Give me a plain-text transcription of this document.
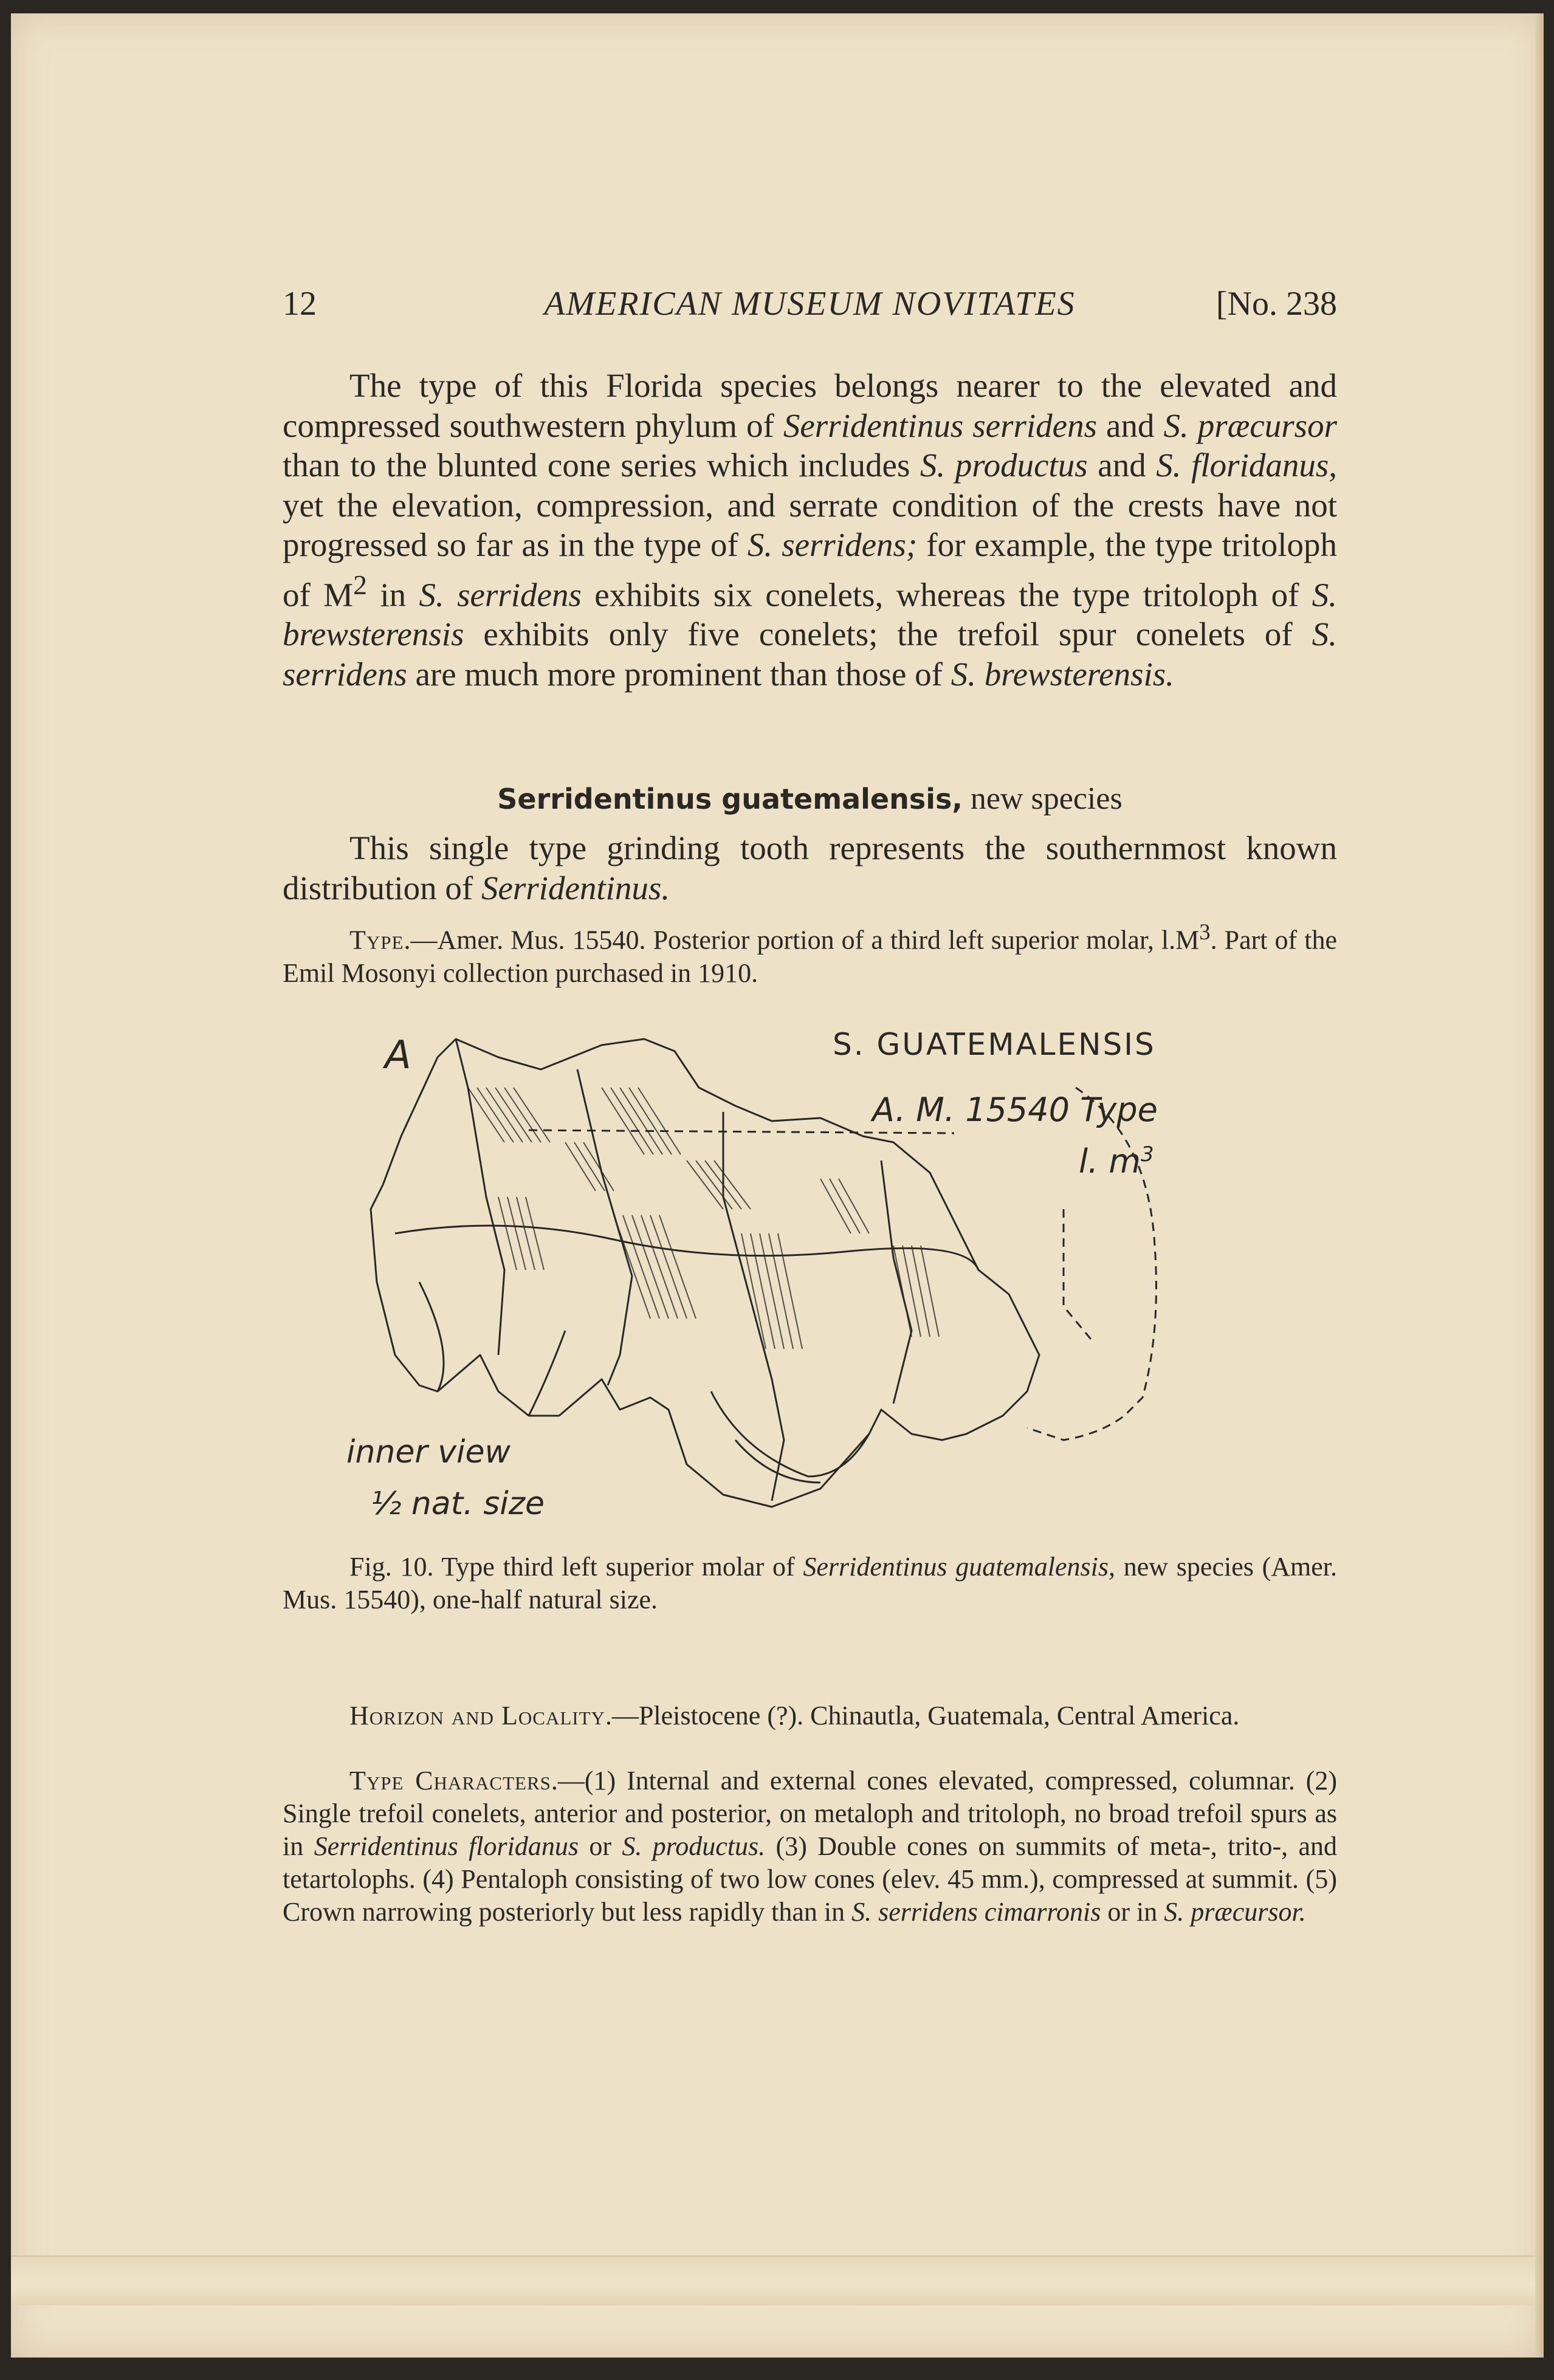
12	AMERICAN MUSEUM NOVITATES	[No. 238

The type of this Florida species belongs nearer to the elevated and compressed southwestern phylum of Serridentinus serridens and S. præcursor than to the blunted cone series which includes S. productus and S. floridanus, yet the elevation, compression, and serrate condition of the crests have not progressed so far as in the type of S. serridens; for example, the type tritoloph of $M^2$ in S. serridens exhibits six conelets, whereas the type tritoloph of S. brewsterensis exhibits only five conelets; the trefoil spur conelets of S. serridens are much more prominent than those of S. brewsterensis.

Serridentinus guatemalensis, new species

This single type grinding tooth represents the southernmost known distribution of Serridentinus.

Type.—Amer. Mus. 15540. Posterior portion of a third left superior molar, $l.M^3$. Part of the Emil Mosonyi collection purchased in 1910.

A	S. GUATEMALENSIS
A. M. 15540 Type
l. $m^3$
inner view
½ nat. size

Fig. 10. Type third left superior molar of Serridentinus guatemalensis, new species (Amer. Mus. 15540), one-half natural size.

Horizon and Locality.—Pleistocene (?). Chinautla, Guatemala, Central America.

Type Characters.—(1) Internal and external cones elevated, compressed, columnar. (2) Single trefoil conelets, anterior and posterior, on metaloph and tritoloph, no broad trefoil spurs as in Serridentinus floridanus or S. productus. (3) Double cones on summits of meta-, trito-, and tetartolophs. (4) Pentaloph consisting of two low cones (elev. 45 mm.), compressed at summit. (5) Crown narrowing posteriorly but less rapidly than in S. serridens cimarronis or in S. præcursor.
